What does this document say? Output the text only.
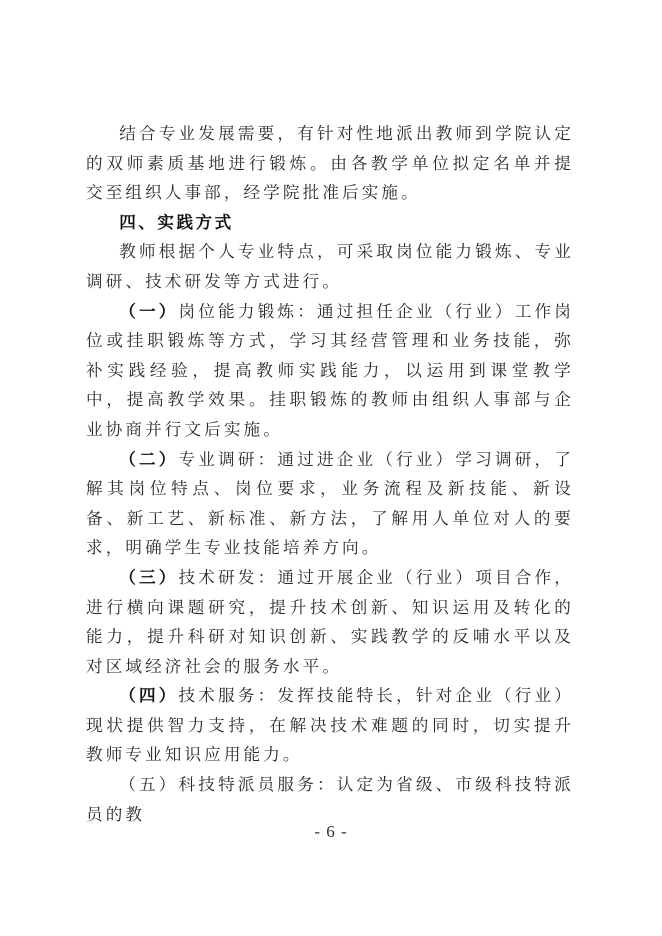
结合专业发展需要，有针对性地派出教师到学院认定的双师素质基地进行锻炼。由各教学单位拟定名单并提交至组织人事部，经学院批准后实施。

四、实践方式

教师根据个人专业特点，可采取岗位能力锻炼、专业调研、技术研发等方式进行。

（一）岗位能力锻炼：通过担任企业（行业）工作岗位或挂职锻炼等方式，学习其经营管理和业务技能，弥补实践经验，提高教师实践能力，以运用到课堂教学中，提高教学效果。挂职锻炼的教师由组织人事部与企业协商并行文后实施。

（二）专业调研：通过进企业（行业）学习调研，了解其岗位特点、岗位要求，业务流程及新技能、新设备、新工艺、新标准、新方法，了解用人单位对人的要求，明确学生专业技能培养方向。

（三）技术研发：通过开展企业（行业）项目合作，进行横向课题研究，提升技术创新、知识运用及转化的能力，提升科研对知识创新、实践教学的反哺水平以及对区域经济社会的服务水平。

（四）技术服务：发挥技能特长，针对企业（行业）现状提供智力支持，在解决技术难题的同时，切实提升教师专业知识应用能力。

（五）科技特派员服务：认定为省级、市级科技特派员的教

- 6 -
